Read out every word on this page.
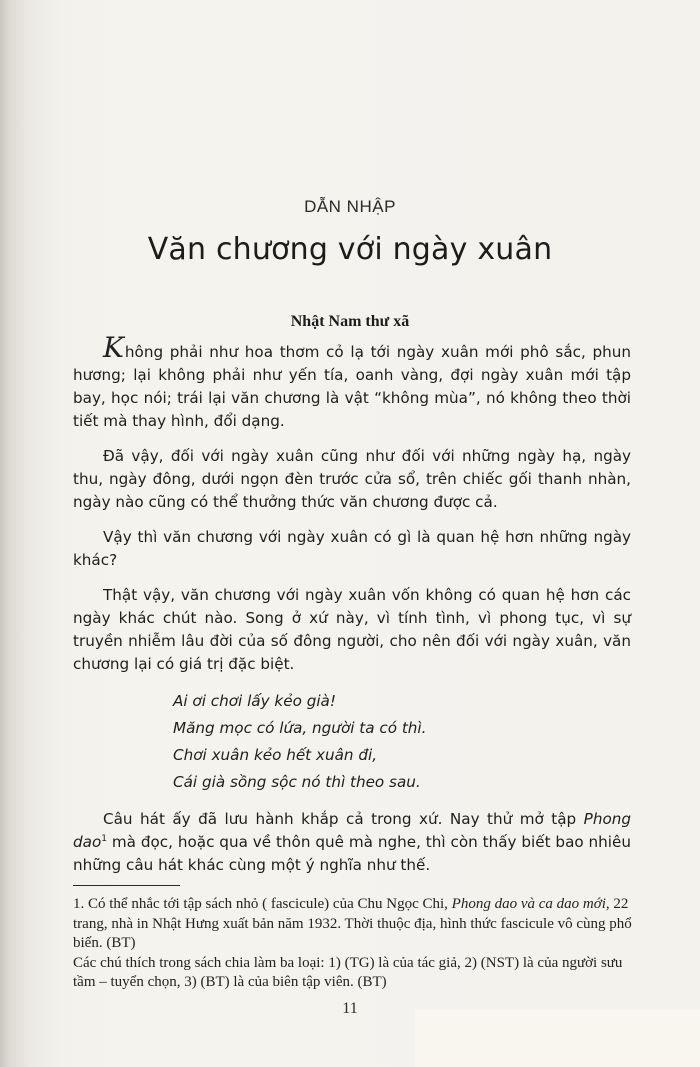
DẪN NHẬP
Văn chương với ngày xuân
Nhật Nam thư xã

Không phải như hoa thơm cỏ lạ tới ngày xuân mới phô sắc, phun hương; lại không phải như yến tía, oanh vàng, đợi ngày xuân mới tập bay, học nói; trái lại văn chương là vật “không mùa”, nó không theo thời tiết mà thay hình, đổi dạng.

Đã vậy, đối với ngày xuân cũng như đối với những ngày hạ, ngày thu, ngày đông, dưới ngọn đèn trước cửa sổ, trên chiếc gối thanh nhàn, ngày nào cũng có thể thưởng thức văn chương được cả.

Vậy thì văn chương với ngày xuân có gì là quan hệ hơn những ngày khác?

Thật vậy, văn chương với ngày xuân vốn không có quan hệ hơn các ngày khác chút nào. Song ở xứ này, vì tính tình, vì phong tục, vì sự truyền nhiễm lâu đời của số đông người, cho nên đối với ngày xuân, văn chương lại có giá trị đặc biệt.

Ai ơi chơi lấy kẻo già!
Măng mọc có lứa, người ta có thì.
Chơi xuân kẻo hết xuân đi,
Cái già sồng sộc nó thì theo sau.

Câu hát ấy đã lưu hành khắp cả trong xứ. Nay thử mở tập Phong dao$^1$ mà đọc, hoặc qua về thôn quê mà nghe, thì còn thấy biết bao nhiêu những câu hát khác cùng một ý nghĩa như thế.

1. Có thể nhắc tới tập sách nhỏ ( fascicule) của Chu Ngọc Chi, Phong dao và ca dao mới, 22 trang, nhà in Nhật Hưng xuất bản năm 1932. Thời thuộc địa, hình thức fascicule vô cùng phổ biến. (BT)

Các chú thích trong sách chia làm ba loại: 1) (TG) là của tác giả, 2) (NST) là của người sưu tầm – tuyển chọn, 3) (BT) là của biên tập viên. (BT)

11
